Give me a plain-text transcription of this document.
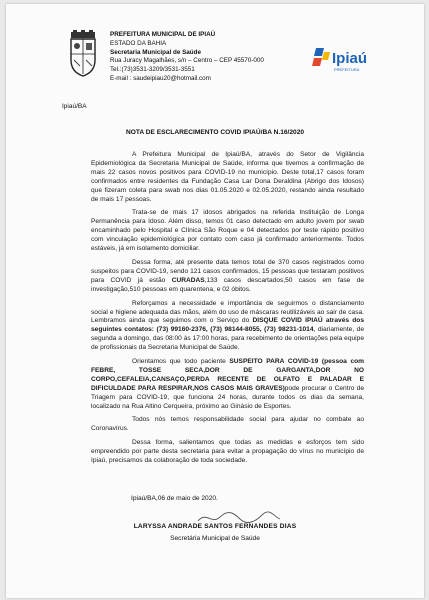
Ipiaú/BA
PREFEITURA MUNICIPAL DE IPIAÚ
ESTADO DA BAHIA
Secretaria Municipal de Saúde
Rua Juracy Magalhães, s/n – Centro – CEP 45570-000
Tel.:(73)3531-3209/3531-3551
E-mail : saudeipiau20@hotmail.com
Ipiaú
PREFEITURA
NOTA DE ESCLARECIMENTO COVID IPIAÚ/BA N.16/2020

A Prefeitura Municipal de Ipiaú/BA, através do Setor de Vigilância Epidemiológica da Secretaria Municipal de Saúde, informa que tivemos a confirmação de mais 22 casos novos positivos para COVID-19 no município. Deste total,17 casos foram confirmados entre residentes da Fundação Casa Lar Dona Deraldina (Abrigo dos Idosos) que fizeram coleta para swab nos dias 01.05.2020 e 02.05.2020, restando ainda resultado de mais 17 pessoas.

Trata-se de mais 17 idosos abrigados na referida Instituição de Longa Permanência para Idoso. Além disso, temos 01 caso detectado em adulto jovem por swab encaminhado pelo Hospital e Clínica São Roque e 04 detectados por teste rápido positivo com vinculação epidemiológica por contato com caso já confirmado anteriormente. Todos estáveis, já em isolamento domiciliar.

Dessa forma, até presente data temos total de 370 casos registrados como suspeitos para COVID-19, sendo 121 casos confirmados, 15 pessoas que testaram positivos para COVID já estão CURADAS,133 casos descartados,50 casos em fase de investigação,510 pessoas em quarentena, e 02 óbitos.

Reforçamos a necessidade e importância de seguirmos o distanciamento social e higiene adequada das mãos, além do uso de máscaras reutilizáveis ao sair de casa. Lembramos ainda que seguimos com o Serviço do DISQUE COVID IPIAÚ através dos seguintes contatos: (73) 99160-2376, (73) 98144-8055, (73) 98231-1014, diariamente, de segunda a domingo, das 08:00 às 17:00 horas, para recebimento de orientações pela equipe de profissionais da Secretaria Municipal de Saúde.

Orientamos que todo paciente SUSPEITO PARA COVID-19 (pessoa com FEBRE, TOSSE SECA,DOR DE GARGANTA,DOR NO CORPO,CEFALEIA,CANSAÇO,PERDA RECENTE DE OLFATO E PALADAR E DIFICULDADE PARA RESPIRAR,NOS CASOS MAIS GRAVES)pode procurar o Centro de Triagem para COVID-19, que funciona 24 horas, durante todos os dias da semana, localizado na Rua Altino Cerqueira, próximo ao Ginásio de Esportes.

Todos nós temos responsabilidade social para ajudar no combate ao Coronavírus.

Dessa forma, salientamos que todas as medidas e esforços tem sido empreendido por parte desta secretaria para evitar a propagação do vírus no município de Ipiaú, precisamos da colaboração de toda sociedade.

Ipiaú/BA,06 de maio de 2020.
LARYSSA ANDRADE SANTOS FERNANDES DIAS
Secretária Municipal de Saúde
